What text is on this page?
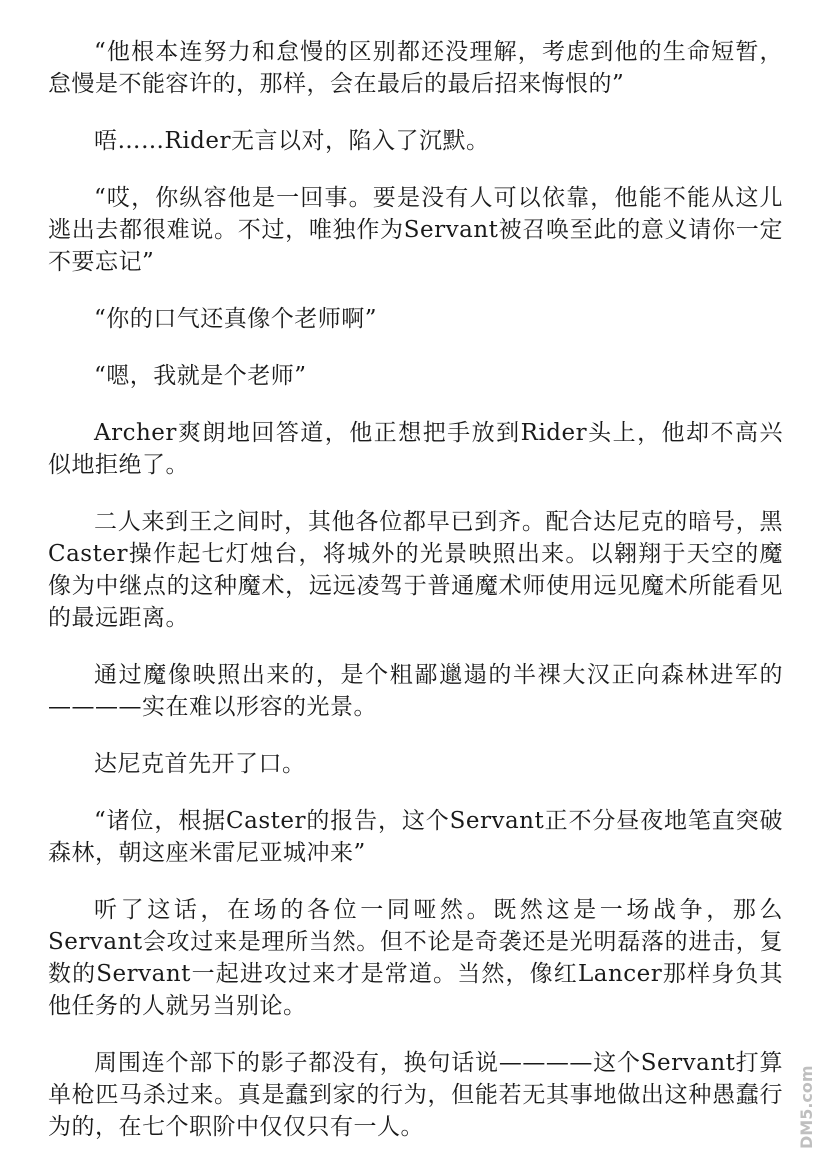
“他根本连努力和怠慢的区别都还没理解，考虑到他的生命短暂，怠慢是不能容许的，那样，会在最后的最后招来悔恨的”

唔……Rider无言以对，陷入了沉默。

“哎，你纵容他是一回事。要是没有人可以依靠，他能不能从这儿逃出去都很难说。不过，唯独作为Servant被召唤至此的意义请你一定不要忘记”

“你的口气还真像个老师啊”

“嗯，我就是个老师”

Archer爽朗地回答道，他正想把手放到Rider头上，他却不高兴似地拒绝了。

二人来到王之间时，其他各位都早已到齐。配合达尼克的暗号，黑Caster操作起七灯烛台，将城外的光景映照出来。以翱翔于天空的魔像为中继点的这种魔术，远远凌驾于普通魔术师使用远见魔术所能看见的最远距离。

通过魔像映照出来的，是个粗鄙邋遢的半裸大汉正向森林进军的————实在难以形容的光景。

达尼克首先开了口。

“诸位，根据Caster的报告，这个Servant正不分昼夜地笔直突破森林，朝这座米雷尼亚城冲来”

听了这话，在场的各位一同哑然。既然这是一场战争，那么Servant会攻过来是理所当然。但不论是奇袭还是光明磊落的进击，复数的Servant一起进攻过来才是常道。当然，像红Lancer那样身负其他任务的人就另当别论。

周围连个部下的影子都没有，换句话说————这个Servant打算单枪匹马杀过来。真是蠢到家的行为，但能若无其事地做出这种愚蠢行为的，在七个职阶中仅仅只有一人。	DM5.com
